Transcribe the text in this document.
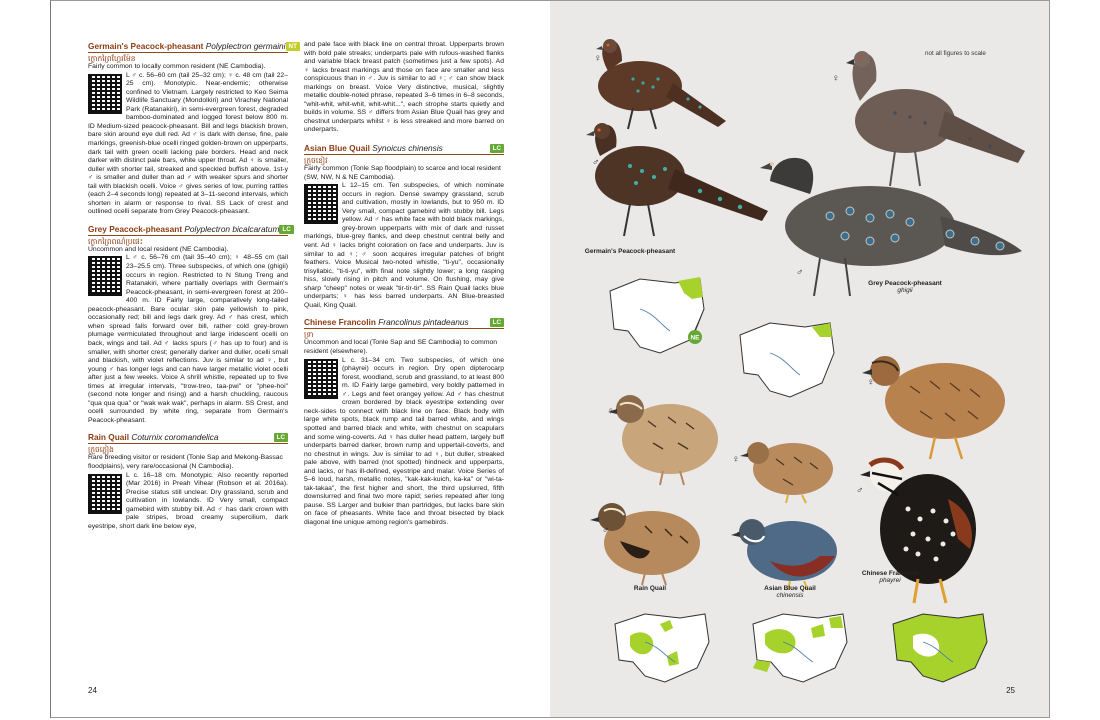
Germain's Peacock-pheasant Polyplectron germaini NT

ក្ងោកព្រៃហ្គែរម៉ែន

Fairly common to locally common resident (NE Cambodia).

L ♂ c. 56–60 cm (tail 25–32 cm); ♀ c. 48 cm (tail 22–25 cm). Monotypic. Near-endemic; otherwise confined to Vietnam. Largely restricted to Keo Seima Wildlife Sanctuary (Mondolkiri) and Virachey National Park (Ratanakiri), in semi-evergreen forest, degraded bamboo-dominated and logged forest below 800 m. ID Medium-sized peacock-pheasant. Bill and legs blackish brown, bare skin around eye dull red. Ad ♂ is dark with dense, fine, pale markings, greenish-blue ocelli ringed golden-brown on upperparts, dark tail with green ocelli lacking pale borders. Head and neck darker with distinct pale bars, white upper throat. Ad ♀ is smaller, duller with shorter tail, streaked and speckled buffish above. 1st-y ♂ is smaller and duller than ad ♂ with weaker spurs and shorter tail with blackish ocelli. Voice ♂ gives series of low, purring rattles (each 2–4 seconds long) repeated at 3–11-second intervals, which shorten in alarm or response to rival. SS Lack of crest and outlined ocelli separate from Grey Peacock-pheasant.

Grey Peacock-pheasant Polyplectron bicalcaratum LC

ក្ងោកព្រៃពណ៌ប្រផេះ

Uncommon and local resident (NE Cambodia).

L ♂ c. 56–76 cm (tail 35–40 cm); ♀ 48–55 cm (tail 23–25.5 cm). Three subspecies, of which one (ghigii) occurs in region. Restricted to N Stung Treng and Ratanakiri, where partially overlaps with Germain's Peacock-pheasant, in semi-evergreen forest at 200–400 m. ID Fairly large, comparatively long-tailed peacock-pheasant. Bare ocular skin pale yellowish to pink, occasionally red; bill and legs dark grey. Ad ♂ has crest, which when spread falls forward over bill, rather cold grey-brown plumage vermiculated throughout and large iridescent ocelli on back, wings and tail. Ad ♂ lacks spurs (♂ has up to four) and is smaller, with shorter crest; generally darker and duller, ocelli small and blackish, with violet reflections. Juv is similar to ad ♀, but young ♂ has longer legs and can have larger metallic violet ocelli after just a few weeks. Voice A shrill whistle, repeated up to five times at irregular intervals, "trow-treo, taa-pwi" or "phee-hoi" (second note longer and rising) and a harsh chuckling, raucous "qua qua qua" or "wak wak wak", perhaps in alarm. SS Crest, and ocelli surrounded by white ring, separate from Germain's Peacock-pheasant.

Rain Quail Coturnix coromandelica	LC

ក្រួចភ្លៀង

Rare breeding visitor or resident (Tonle Sap and Mekong-Bassac floodplains), very rare/occasional (N Cambodia).

L c. 16–18 cm. Monotypic. Also recently reported (Mar 2016) in Preah Vihear (Robson et al. 2016a). Precise status still unclear. Dry grassland, scrub and cultivation in lowlands. ID Very small, compact gamebird with stubby bill. Ad ♂ has dark crown with pale stripes, broad creamy supercilium, dark eyestripe, short dark line below eye,

and pale face with black line on central throat. Upperparts brown with bold pale streaks; underparts pale with rufous-washed flanks and variable black breast patch (sometimes just a few spots). Ad ♀ lacks breast markings and those on face are smaller and less conspicuous than in ♂. Juv is similar to ad ♀; ♂ can show black markings on breast. Voice Very distinctive, musical, slightly metallic double-noted phrase, repeated 3–6 times in 6–8 seconds, "whit-whit, whit-whit, whit-whit...", each strophe starts quietly and builds in volume. SS ♂ differs from Asian Blue Quail has grey and chestnut underparts whilst ♀ is less streaked and more barred on underparts.

Asian Blue Quail Synoicus chinensis	LC

ក្រួចខៀវ

Fairly common (Tonle Sap floodplain) to scarce and local resident (SW, NW, N & NE Cambodia).

L 12–15 cm. Ten subspecies, of which nominate occurs in region. Dense swampy grassland, scrub and cultivation, mostly in lowlands, but to 950 m. ID Very small, compact gamebird with stubby bill. Legs yellow. Ad ♂ has white face with bold black markings, grey-brown upperparts with mix of dark and russet markings, blue-grey flanks, and deep chestnut central belly and vent. Ad ♀ lacks bright coloration on face and underparts. Juv is similar to ad ♀; ♂ soon acquires irregular patches of bright feathers. Voice Musical two-noted whistle, "ti-yu", occasionally trisyllabic, "ti-ti-yu", with final note slightly lower; a long rasping hiss, slowly rising in pitch and volume. On flushing, may give sharp "cheep" notes or weak "tir-tir-tir". SS Rain Quail lacks blue underparts; ♀ has less barred underparts. AN Blue-breasted Quail, King Quail.

Chinese Francolin Francolinus pintadeanus	LC

ទ្រា

Uncommon and local (Tonle Sap and SE Cambodia) to common resident (elsewhere).

L c. 31–34 cm. Two subspecies, of which one (phayrei) occurs in region. Dry open dipterocarp forest, woodland, scrub and grassland, to at least 800 m. ID Fairly large gamebird, very boldly patterned in ♂. Legs and feet orangey yellow. Ad ♂ has chestnut crown bordered by black eyestripe extending over neck-sides to connect with black line on face. Black body with large white spots, black rump and tail barred white, and wings spotted and barred black and white, with chestnut on scapulars and some wing-coverts. Ad ♀ has duller head pattern, largely buff underparts barred darker, brown rump and uppertail-coverts, and no chestnut in wings. Juv is similar to ad ♀, but duller, streaked pale above, with barred (not spotted) hindneck and upperparts, and lacks, or has ill-defined, eyestripe and malar. Voice Series of 5–6 loud, harsh, metallic notes, "kak-kak-kuich, ka-ka" or "wi-ta-tak-takaa", the first higher and short, the third upslurred, fifth downslurred and final two more rapid; series repeated after long pause. SS Larger and bulkier than partridges, but lacks bare skin on face of pheasants. White face and throat bisected by black diagonal line unique among region's gamebirds.

24
not all figures to scale
♀
♀
♂
♂
Germain's Peacock-pheasant
Grey Peacock-pheasant
ghigii
NE
♀
♀
♂
♀
♂
♂
Rain Quail	Asian Blue Quail
chinensis
Chinese Francolin
phayrei
25
